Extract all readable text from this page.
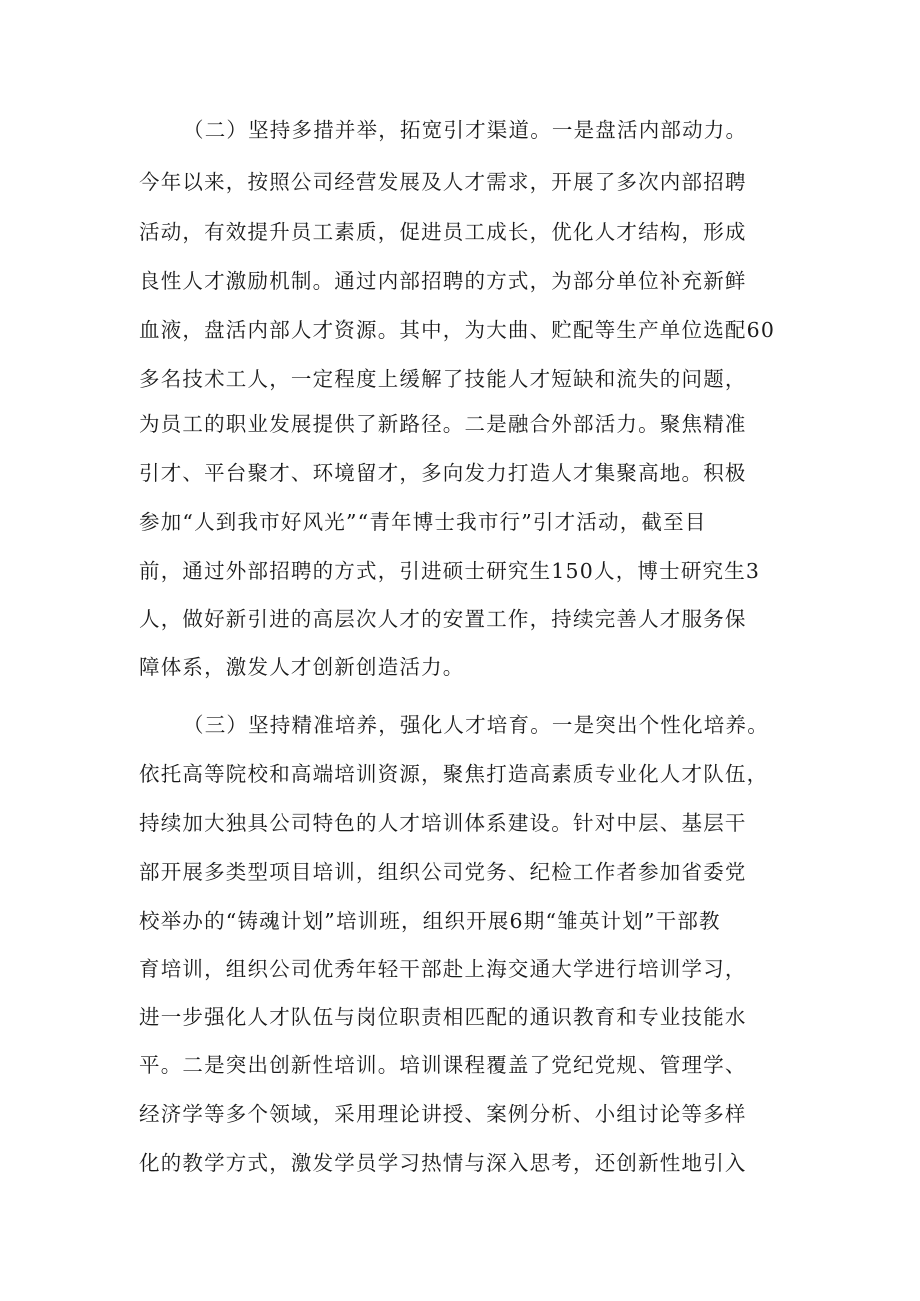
（二）坚持多措并举，拓宽引才渠道。一是盘活内部动力。
今年以来，按照公司经营发展及人才需求，开展了多次内部招聘
活动，有效提升员工素质，促进员工成长，优化人才结构，形成
良性人才激励机制。通过内部招聘的方式，为部分单位补充新鲜
血液，盘活内部人才资源。其中，为大曲、贮配等生产单位选配60
多名技术工人，一定程度上缓解了技能人才短缺和流失的问题，
为员工的职业发展提供了新路径。二是融合外部活力。聚焦精准
引才、平台聚才、环境留才，多向发力打造人才集聚高地。积极
参加“人到我市好风光”“青年博士我市行”引才活动，截至目
前，通过外部招聘的方式，引进硕士研究生150人，博士研究生3
人，做好新引进的高层次人才的安置工作，持续完善人才服务保
障体系，激发人才创新创造活力。
（三）坚持精准培养，强化人才培育。一是突出个性化培养。
依托高等院校和高端培训资源，聚焦打造高素质专业化人才队伍，
持续加大独具公司特色的人才培训体系建设。针对中层、基层干
部开展多类型项目培训，组织公司党务、纪检工作者参加省委党
校举办的“铸魂计划”培训班，组织开展6期“雏英计划”干部教
育培训，组织公司优秀年轻干部赴上海交通大学进行培训学习，
进一步强化人才队伍与岗位职责相匹配的通识教育和专业技能水
平。二是突出创新性培训。培训课程覆盖了党纪党规、管理学、
经济学等多个领域，采用理论讲授、案例分析、小组讨论等多样
化的教学方式，激发学员学习热情与深入思考，还创新性地引入
